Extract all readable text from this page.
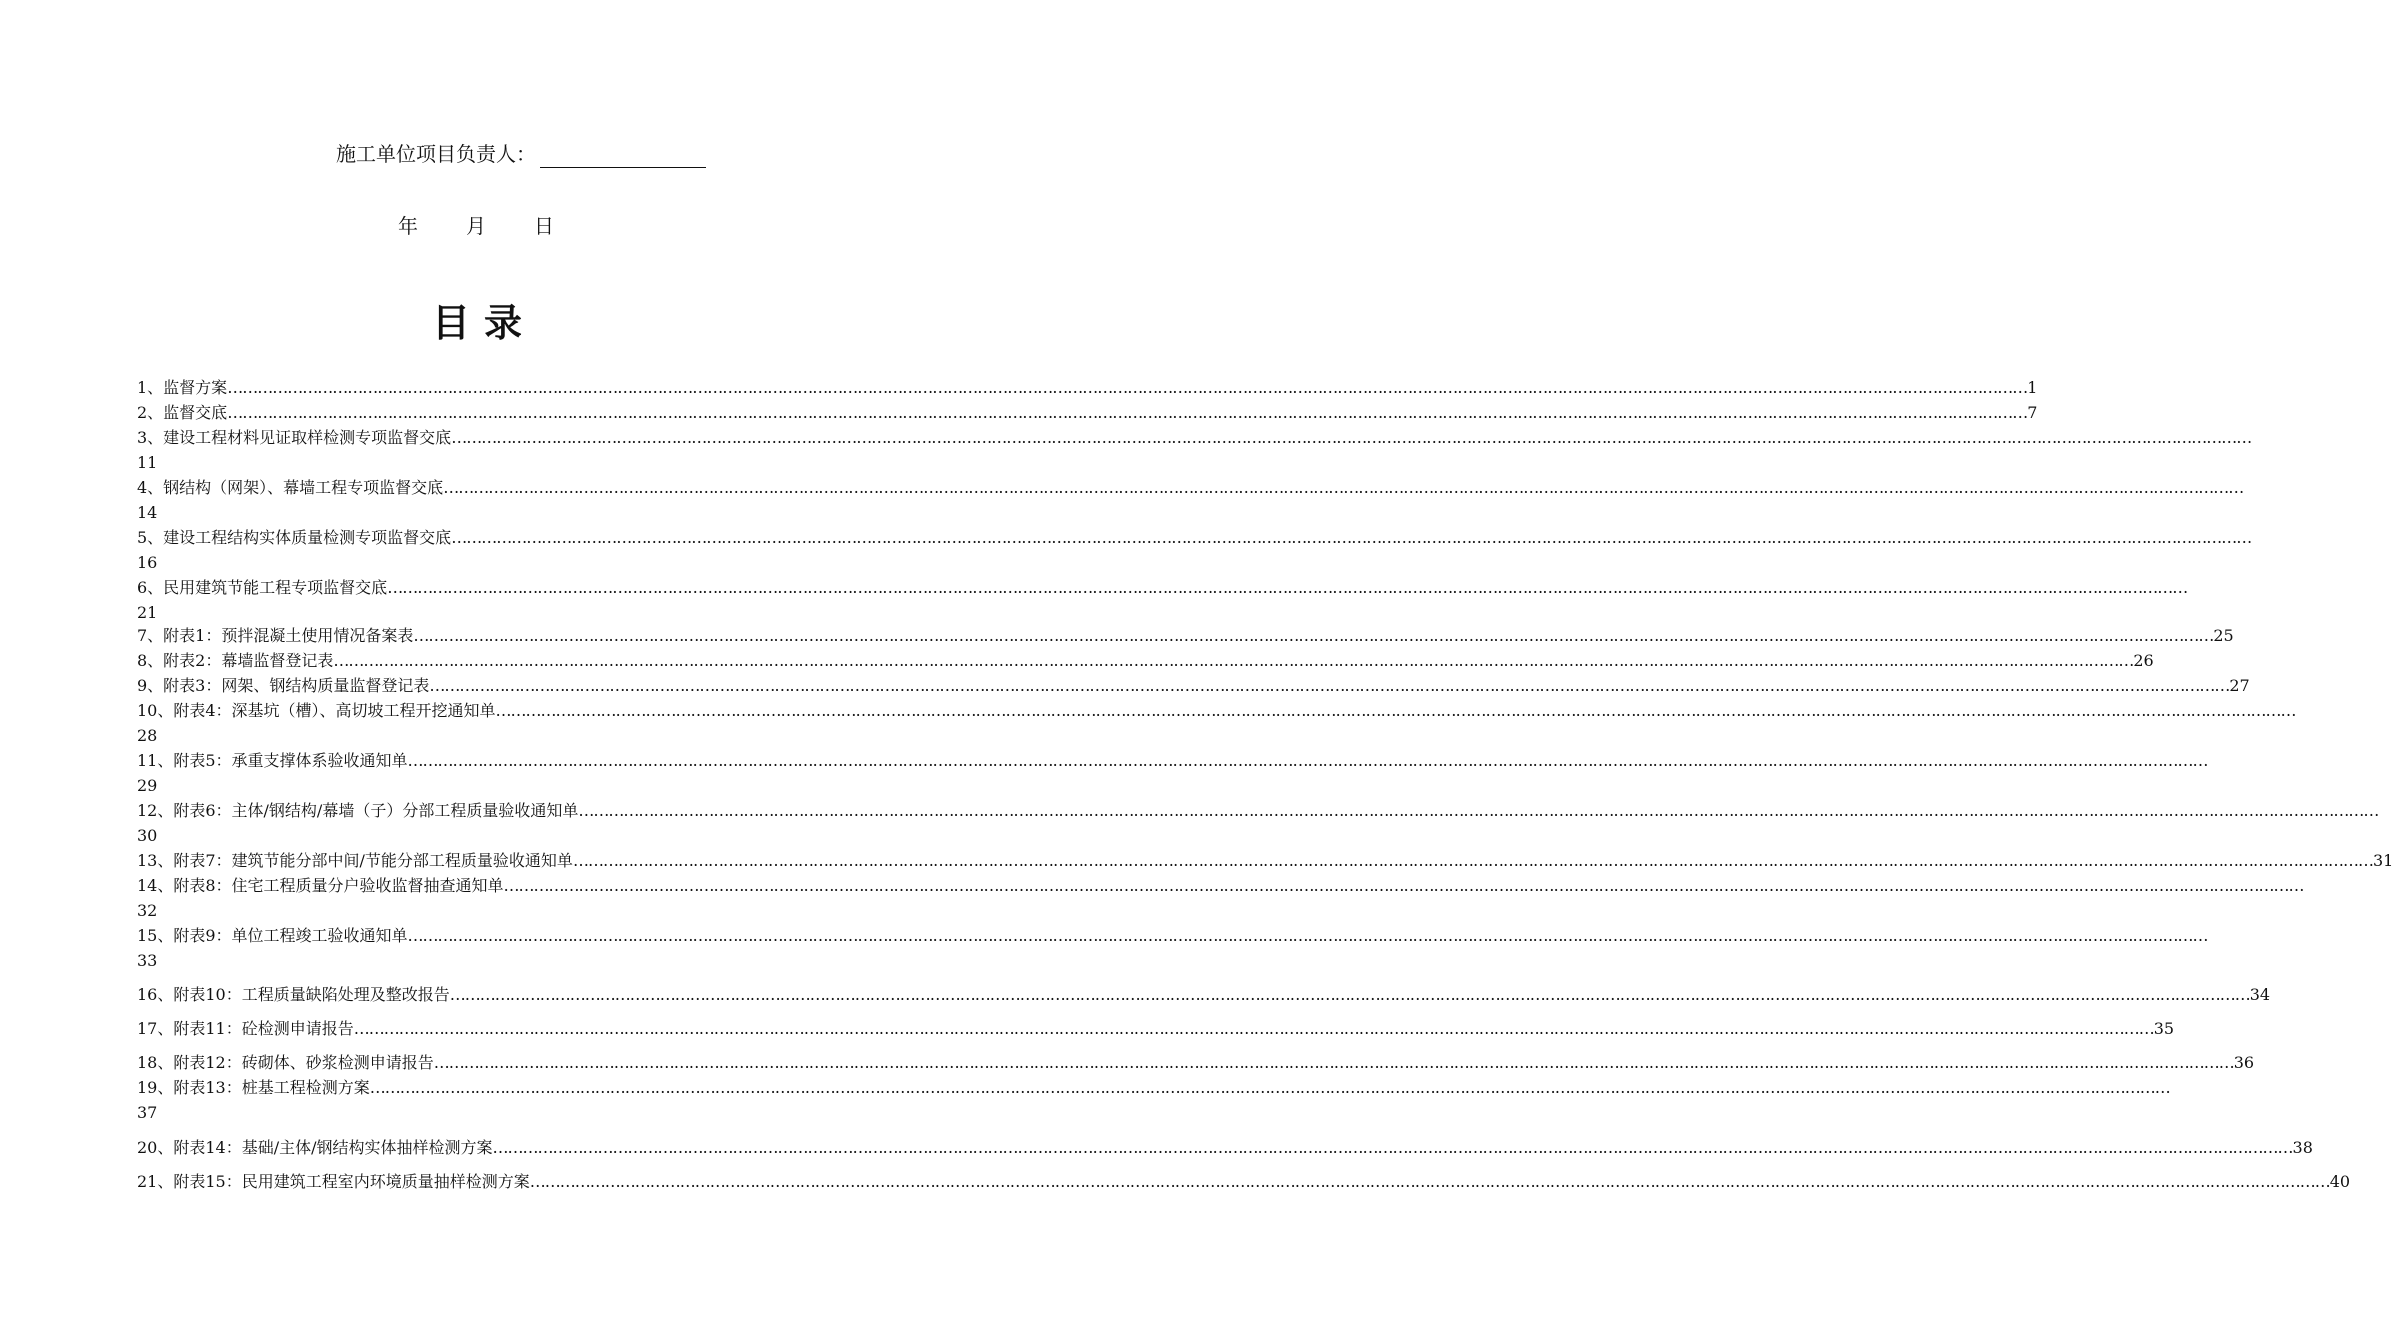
施工单位项目负责人：
年 月 日
目录
1、监督方案 ……………………………………………………………………………………………………………………………………………………………………………………………………………………………………………………………………………………………………………………………… 1
2、监督交底 ……………………………………………………………………………………………………………………………………………………………………………………………………………………………………………………………………………………………………………………………… 7
3、建设工程材料见证取样检测专项监督交底 ………………………………………………………………………………………………………………………………………………………………………………………………………………………………………………………………………………………………………………………………
11
4、钢结构（网架）、幕墙工程专项监督交底 ………………………………………………………………………………………………………………………………………………………………………………………………………………………………………………………………………………………………………………………………
14
5、建设工程结构实体质量检测专项监督交底 ………………………………………………………………………………………………………………………………………………………………………………………………………………………………………………………………………………………………………………………………
16
6、民用建筑节能工程专项监督交底 ………………………………………………………………………………………………………………………………………………………………………………………………………………………………………………………………………………………………………………………………
21
7、附表1：预拌混凝土使用情况备案表 ……………………………………………………………………………………………………………………………………………………………………………………………………………………………………………………………………………………………………………………………… 25
8、附表2：幕墙监督登记表 ……………………………………………………………………………………………………………………………………………………………………………………………………………………………………………………………………………………………………………………………… 26
9、附表3：网架、钢结构质量监督登记表 ……………………………………………………………………………………………………………………………………………………………………………………………………………………………………………………………………………………………………………………………… 27
10、附表4：深基坑（槽）、高切坡工程开挖通知单 ………………………………………………………………………………………………………………………………………………………………………………………………………………………………………………………………………………………………………………………………
28
11、附表5：承重支撑体系验收通知单 ………………………………………………………………………………………………………………………………………………………………………………………………………………………………………………………………………………………………………………………………
29
12、附表6：主体/钢结构/幕墙（子）分部工程质量验收通知单 ………………………………………………………………………………………………………………………………………………………………………………………………………………………………………………………………………………………………………………………………
30
13、附表7：建筑节能分部中间/节能分部工程质量验收通知单 ……………………………………………………………………………………………………………………………………………………………………………………………………………………………………………………………………………………………………………………………… 31
14、附表8：住宅工程质量分户验收监督抽查通知单 ………………………………………………………………………………………………………………………………………………………………………………………………………………………………………………………………………………………………………………………………
32
15、附表9：单位工程竣工验收通知单 ………………………………………………………………………………………………………………………………………………………………………………………………………………………………………………………………………………………………………………………………
33
16、附表10：工程质量缺陷处理及整改报告 ……………………………………………………………………………………………………………………………………………………………………………………………………………………………………………………………………………………………………………………………… 34
17、附表11：砼检测申请报告 ……………………………………………………………………………………………………………………………………………………………………………………………………………………………………………………………………………………………………………………………… 35
18、附表12：砖砌体、砂浆检测申请报告 ……………………………………………………………………………………………………………………………………………………………………………………………………………………………………………………………………………………………………………………………… 36
19、附表13：桩基工程检测方案 ………………………………………………………………………………………………………………………………………………………………………………………………………………………………………………………………………………………………………………………………
37
20、附表14：基础/主体/钢结构实体抽样检测方案 ……………………………………………………………………………………………………………………………………………………………………………………………………………………………………………………………………………………………………………………………… 38
21、附表15：民用建筑工程室内环境质量抽样检测方案 ……………………………………………………………………………………………………………………………………………………………………………………………………………………………………………………………………………………………………………………………… 40
